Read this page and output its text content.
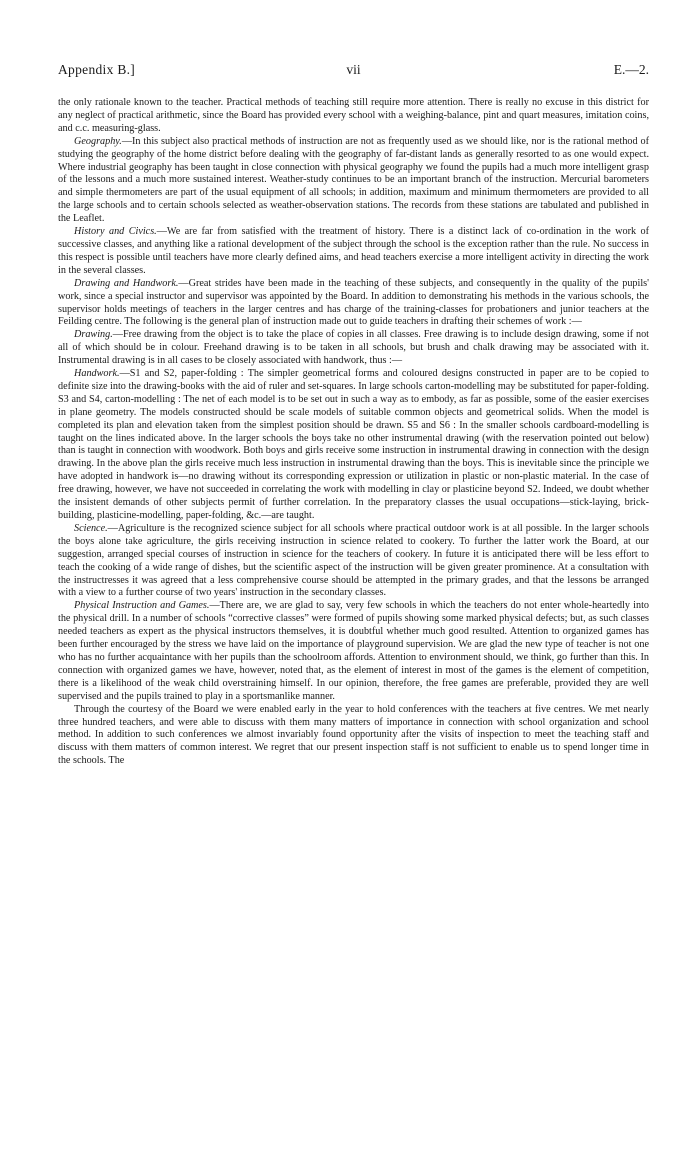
Appendix B.]	vii	E.—2.

the only rationale known to the teacher. Practical methods of teaching still require more attention. There is really no excuse in this district for any neglect of practical arithmetic, since the Board has provided every school with a weighing-balance, pint and quart measures, imitation coins, and c.c. measuring-glass.

Geography.—In this subject also practical methods of instruction are not as frequently used as we should like, nor is the rational method of studying the geography of the home district before dealing with the geography of far-distant lands as generally resorted to as one would expect. Where industrial geography has been taught in close connection with physical geography we found the pupils had a much more intelligent grasp of the lessons and a much more sustained interest. Weather-study continues to be an important branch of the instruction. Mercurial barometers and simple thermometers are part of the usual equipment of all schools; in addition, maximum and minimum thermometers are provided to all the large schools and to certain schools selected as weather-observation stations. The records from these stations are tabulated and published in the Leaflet.

History and Civics.—We are far from satisfied with the treatment of history. There is a distinct lack of co-ordination in the work of successive classes, and anything like a rational development of the subject through the school is the exception rather than the rule. No success in this respect is possible until teachers have more clearly defined aims, and head teachers exercise a more intelligent activity in directing the work in the several classes.

Drawing and Handwork.—Great strides have been made in the teaching of these subjects, and consequently in the quality of the pupils' work, since a special instructor and supervisor was appointed by the Board. In addition to demonstrating his methods in the various schools, the supervisor holds meetings of teachers in the larger centres and has charge of the training-classes for probationers and junior teachers at the Feilding centre. The following is the general plan of instruction made out to guide teachers in drafting their schemes of work :—

Drawing.—Free drawing from the object is to take the place of copies in all classes. Free drawing is to include design drawing, some if not all of which should be in colour. Freehand drawing is to be taken in all schools, but brush and chalk drawing may be associated with it. Instrumental drawing is in all cases to be closely associated with handwork, thus :—

Handwork.—S1 and S2, paper-folding : The simpler geometrical forms and coloured designs constructed in paper are to be copied to definite size into the drawing-books with the aid of ruler and set-squares. In large schools carton-modelling may be substituted for paper-folding. S3 and S4, carton-modelling : The net of each model is to be set out in such a way as to embody, as far as possible, some of the easier exercises in plane geometry. The models constructed should be scale models of suitable common objects and geometrical solids. When the model is completed its plan and elevation taken from the simplest position should be drawn. S5 and S6 : In the smaller schools cardboard-modelling is taught on the lines indicated above. In the larger schools the boys take no other instrumental drawing (with the reservation pointed out below) than is taught in connection with woodwork. Both boys and girls receive some instruction in instrumental drawing in connection with the design drawing. In the above plan the girls receive much less instruction in instrumental drawing than the boys. This is inevitable since the principle we have adopted in handwork is—no drawing without its corresponding expression or utilization in plastic or non-plastic material. In the case of free drawing, however, we have not succeeded in correlating the work with modelling in clay or plasticine beyond S2. Indeed, we doubt whether the insistent demands of other subjects permit of further correlation. In the preparatory classes the usual occupations—stick-laying, brick-building, plasticine-modelling, paper-folding, &c.—are taught.

Science.—Agriculture is the recognized science subject for all schools where practical outdoor work is at all possible. In the larger schools the boys alone take agriculture, the girls receiving instruction in science related to cookery. To further the latter work the Board, at our suggestion, arranged special courses of instruction in science for the teachers of cookery. In future it is anticipated there will be less effort to teach the cooking of a wide range of dishes, but the scientific aspect of the instruction will be given greater prominence. At a consultation with the instructresses it was agreed that a less comprehensive course should be attempted in the primary grades, and that the lessons be arranged with a view to a further course of two years' instruction in the secondary classes.

Physical Instruction and Games.—There are, we are glad to say, very few schools in which the teachers do not enter whole-heartedly into the physical drill. In a number of schools “corrective classes” were formed of pupils showing some marked physical defects; but, as such classes needed teachers as expert as the physical instructors themselves, it is doubtful whether much good resulted. Attention to organized games has been further encouraged by the stress we have laid on the importance of playground supervision. We are glad the new type of teacher is not one who has no further acquaintance with her pupils than the schoolroom affords. Attention to environment should, we think, go further than this. In connection with organized games we have, however, noted that, as the element of interest in most of the games is the element of competition, there is a likelihood of the weak child overstraining himself. In our opinion, therefore, the free games are preferable, provided they are well supervised and the pupils trained to play in a sportsmanlike manner.

Through the courtesy of the Board we were enabled early in the year to hold conferences with the teachers at five centres. We met nearly three hundred teachers, and were able to discuss with them many matters of importance in connection with school organization and school method. In addition to such conferences we almost invariably found opportunity after the visits of inspection to meet the teaching staff and discuss with them matters of common interest. We regret that our present inspection staff is not sufficient to enable us to spend longer time in the schools. The
